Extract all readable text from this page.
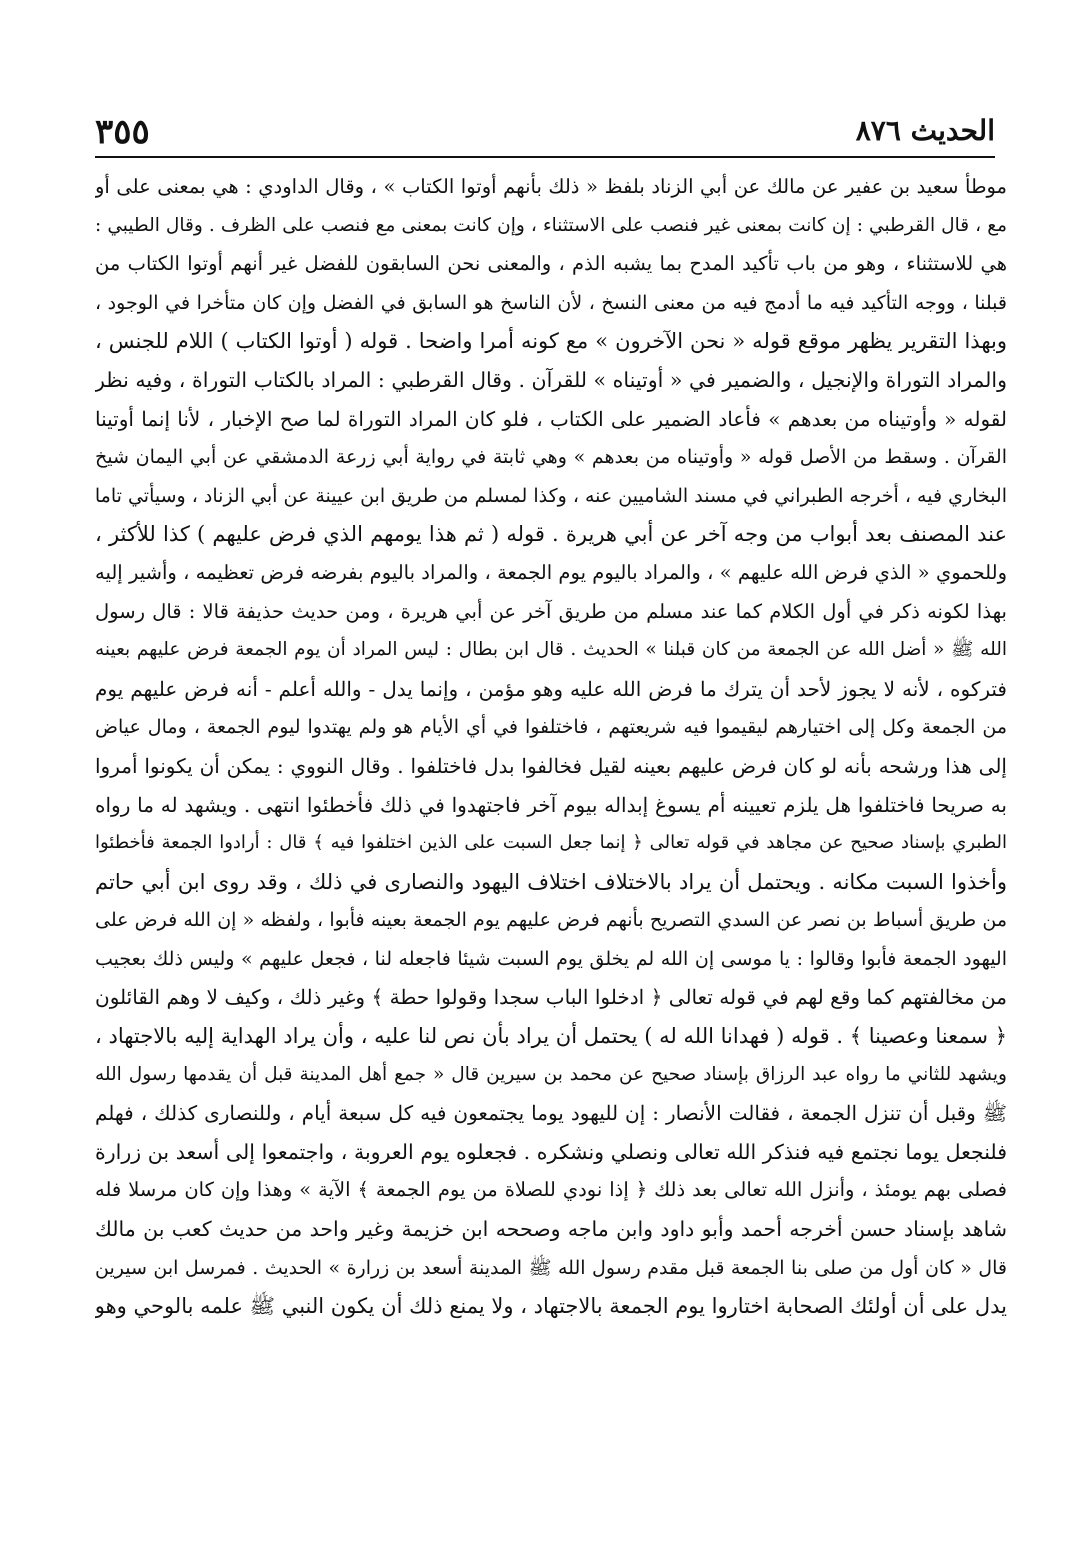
الحديث ٨٧٦
٣٥٥
موطأ سعيد بن عفير عن مالك عن أبي الزناد بلفظ « ذلك بأنهم أوتوا الكتاب » ، وقال الداودي : هي بمعنى على أو
مع ، قال القرطبي : إن كانت بمعنى غير فنصب على الاستثناء ، وإن كانت بمعنى مع فنصب على الظرف . وقال الطيبي :
هي للاستثناء ، وهو من باب تأكيد المدح بما يشبه الذم ، والمعنى نحن السابقون للفضل غير أنهم أوتوا الكتاب من
قبلنا ، ووجه التأكيد فيه ما أدمج فيه من معنى النسخ ، لأن الناسخ هو السابق في الفضل وإن كان متأخرا في الوجود ،
وبهذا التقرير يظهر موقع قوله « نحن الآخرون » مع كونه أمرا واضحا . قوله ( أوتوا الكتاب ) اللام للجنس ،
والمراد التوراة والإنجيل ، والضمير في « أوتيناه » للقرآن . وقال القرطبي : المراد بالكتاب التوراة ، وفيه نظر
لقوله « وأوتيناه من بعدهم » فأعاد الضمير على الكتاب ، فلو كان المراد التوراة لما صح الإخبار ، لأنا إنما أوتينا
القرآن . وسقط من الأصل قوله « وأوتيناه من بعدهم » وهي ثابتة في رواية أبي زرعة الدمشقي عن أبي اليمان شيخ
البخاري فيه ، أخرجه الطبراني في مسند الشاميين عنه ، وكذا لمسلم من طريق ابن عيينة عن أبي الزناد ، وسيأتي تاما
عند المصنف بعد أبواب من وجه آخر عن أبي هريرة . قوله ( ثم هذا يومهم الذي فرض عليهم ) كذا للأكثر ،
وللحموي « الذي فرض الله عليهم » ، والمراد باليوم يوم الجمعة ، والمراد باليوم بفرضه فرض تعظيمه ، وأشير إليه
بهذا لكونه ذكر في أول الكلام كما عند مسلم من طريق آخر عن أبي هريرة ، ومن حديث حذيفة قالا : قال رسول
الله ﷺ « أضل الله عن الجمعة من كان قبلنا » الحديث . قال ابن بطال : ليس المراد أن يوم الجمعة فرض عليهم بعينه
فتركوه ، لأنه لا يجوز لأحد أن يترك ما فرض الله عليه وهو مؤمن ، وإنما يدل - والله أعلم - أنه فرض عليهم يوم
من الجمعة وكل إلى اختيارهم ليقيموا فيه شريعتهم ، فاختلفوا في أي الأيام هو ولم يهتدوا ليوم الجمعة ، ومال عياض
إلى هذا ورشحه بأنه لو كان فرض عليهم بعينه لقيل فخالفوا بدل فاختلفوا . وقال النووي : يمكن أن يكونوا أمروا
به صريحا فاختلفوا هل يلزم تعيينه أم يسوغ إبداله بيوم آخر فاجتهدوا في ذلك فأخطئوا انتهى . ويشهد له ما رواه
الطبري بإسناد صحيح عن مجاهد في قوله تعالى ﴿ إنما جعل السبت على الذين اختلفوا فيه ﴾ قال : أرادوا الجمعة فأخطئوا
وأخذوا السبت مكانه . ويحتمل أن يراد بالاختلاف اختلاف اليهود والنصارى في ذلك ، وقد روى ابن أبي حاتم
من طريق أسباط بن نصر عن السدي التصريح بأنهم فرض عليهم يوم الجمعة بعينه فأبوا ، ولفظه « إن الله فرض على
اليهود الجمعة فأبوا وقالوا : يا موسى إن الله لم يخلق يوم السبت شيئا فاجعله لنا ، فجعل عليهم » وليس ذلك بعجيب
من مخالفتهم كما وقع لهم في قوله تعالى ﴿ ادخلوا الباب سجدا وقولوا حطة ﴾ وغير ذلك ، وكيف لا وهم القائلون
﴿ سمعنا وعصينا ﴾ . قوله ( فهدانا الله له ) يحتمل أن يراد بأن نص لنا عليه ، وأن يراد الهداية إليه بالاجتهاد ،
ويشهد للثاني ما رواه عبد الرزاق بإسناد صحيح عن محمد بن سيرين قال « جمع أهل المدينة قبل أن يقدمها رسول الله
ﷺ وقبل أن تنزل الجمعة ، فقالت الأنصار : إن لليهود يوما يجتمعون فيه كل سبعة أيام ، وللنصارى كذلك ، فهلم
فلنجعل يوما نجتمع فيه فنذكر الله تعالى ونصلي ونشكره . فجعلوه يوم العروبة ، واجتمعوا إلى أسعد بن زرارة
فصلى بهم يومئذ ، وأنزل الله تعالى بعد ذلك ﴿ إذا نودي للصلاة من يوم الجمعة ﴾ الآية » وهذا وإن كان مرسلا فله
شاهد بإسناد حسن أخرجه أحمد وأبو داود وابن ماجه وصححه ابن خزيمة وغير واحد من حديث كعب بن مالك
قال « كان أول من صلى بنا الجمعة قبل مقدم رسول الله ﷺ المدينة أسعد بن زرارة » الحديث . فمرسل ابن سيرين
يدل على أن أولئك الصحابة اختاروا يوم الجمعة بالاجتهاد ، ولا يمنع ذلك أن يكون النبي ﷺ علمه بالوحي وهو
